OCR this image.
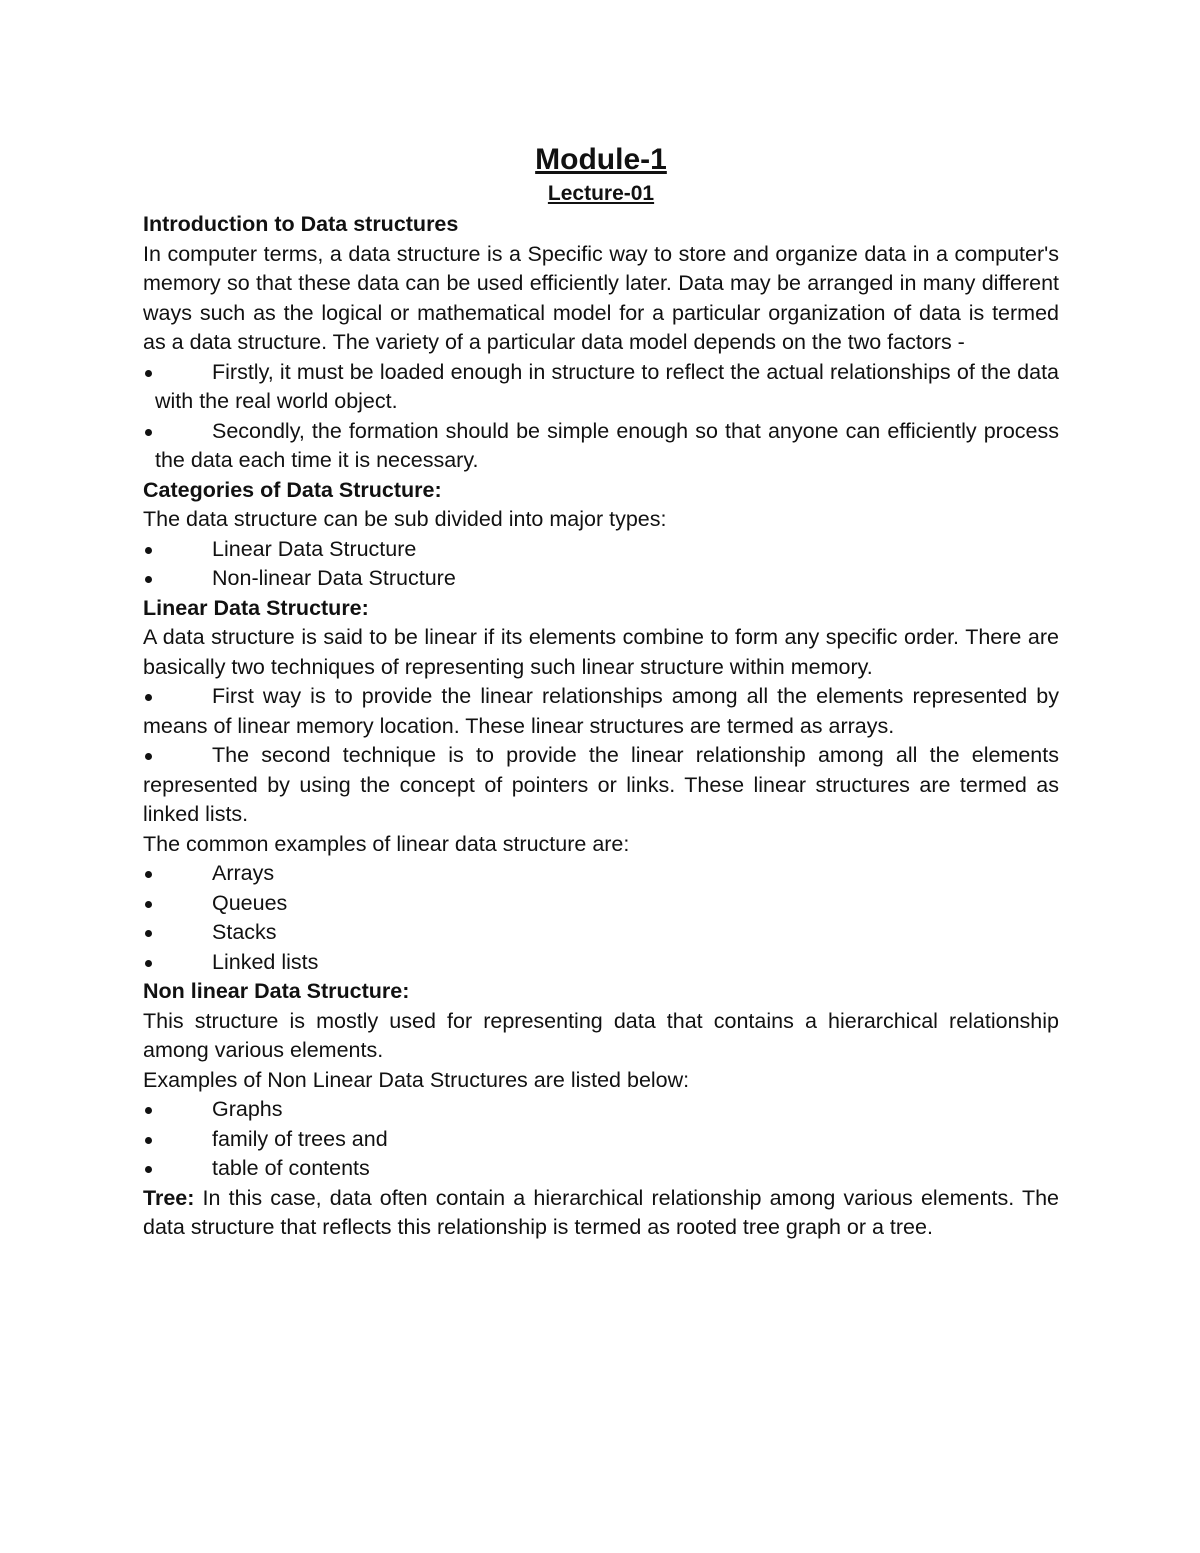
Module-1
Lecture-01
Introduction to Data structures

In computer terms, a data structure is a Specific way to store and organize data in a computer's memory so that these data can be used efficiently later. Data may be arranged in many different ways such as the logical or mathematical model for a particular organization of data is termed as a data structure. The variety of a particular data model depends on the two factors -

Firstly, it must be loaded enough in structure to reflect the actual relationships of the data with the real world object.
Secondly, the formation should be simple enough so that anyone can efficiently process the data each time it is necessary.
Categories of Data Structure:

The data structure can be sub divided into major types:

Linear Data Structure
Non-linear Data Structure
Linear Data Structure:

A data structure is said to be linear if its elements combine to form any specific order. There are basically two techniques of representing such linear structure within memory.

First way is to provide the linear relationships among all the elements represented by means of linear memory location. These linear structures are termed as arrays.
The second technique is to provide the linear relationship among all the elements represented by using the concept of pointers or links. These linear structures are termed as linked lists.

The common examples of linear data structure are:

Arrays
Queues
Stacks
Linked lists
Non linear Data Structure:

This structure is mostly used for representing data that contains a hierarchical relationship among various elements.

Examples of Non Linear Data Structures are listed below:

Graphs
family of trees and
table of contents

Tree: In this case, data often contain a hierarchical relationship among various elements. The data structure that reflects this relationship is termed as rooted tree graph or a tree.
